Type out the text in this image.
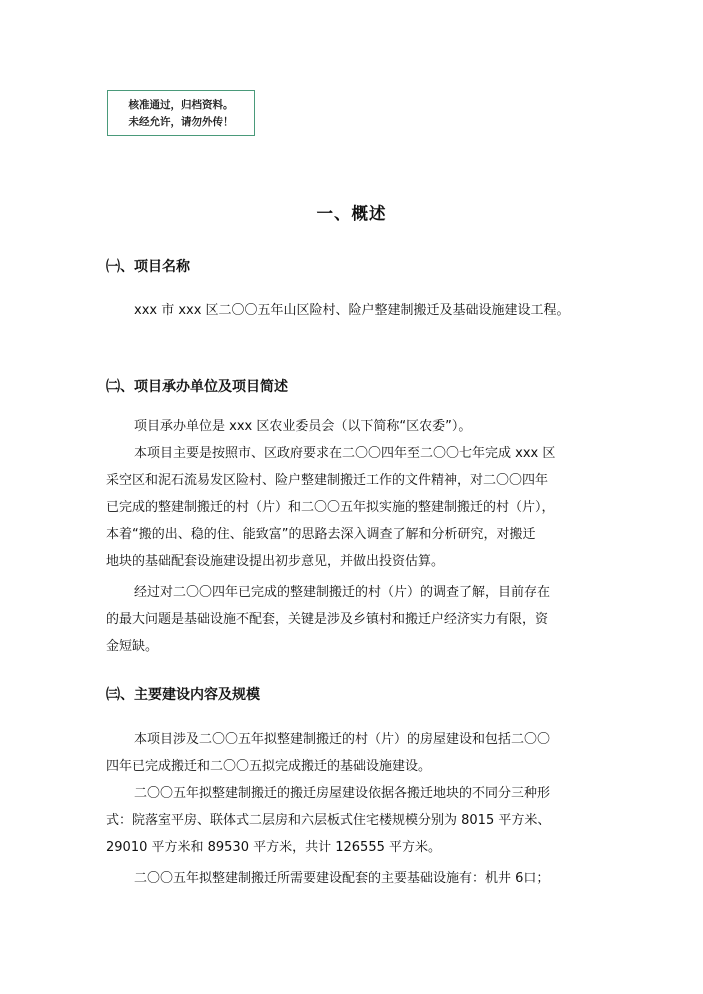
核准通过，归档资料。
未经允许，请勿外传！
一、概述
㈠、项目名称
xxx 市 xxx 区二〇〇五年山区险村、险户整建制搬迁及基础设施建设工程。
㈡、项目承办单位及项目简述
项目承办单位是 xxx 区农业委员会（以下简称“区农委”）。
本项目主要是按照市、区政府要求在二〇〇四年至二〇〇七年完成 xxx 区
采空区和泥石流易发区险村、险户整建制搬迁工作的文件精神，对二〇〇四年
已完成的整建制搬迁的村（片）和二〇〇五年拟实施的整建制搬迁的村（片），
本着“搬的出、稳的住、能致富”的思路去深入调查了解和分析研究，对搬迁
地块的基础配套设施建设提出初步意见，并做出投资估算。
经过对二〇〇四年已完成的整建制搬迁的村（片）的调查了解，目前存在
的最大问题是基础设施不配套，关键是涉及乡镇村和搬迁户经济实力有限，资
金短缺。
㈢、主要建设内容及规模
本项目涉及二〇〇五年拟整建制搬迁的村（片）的房屋建设和包括二〇〇
四年已完成搬迁和二〇〇五拟完成搬迁的基础设施建设。
二〇〇五年拟整建制搬迁的搬迁房屋建设依据各搬迁地块的不同分三种形
式：院落室平房、联体式二层房和六层板式住宅楼规模分别为 8015 平方米、
29010 平方米和 89530 平方米，共计 126555 平方米。
二〇〇五年拟整建制搬迁所需要建设配套的主要基础设施有：机井 6口；
